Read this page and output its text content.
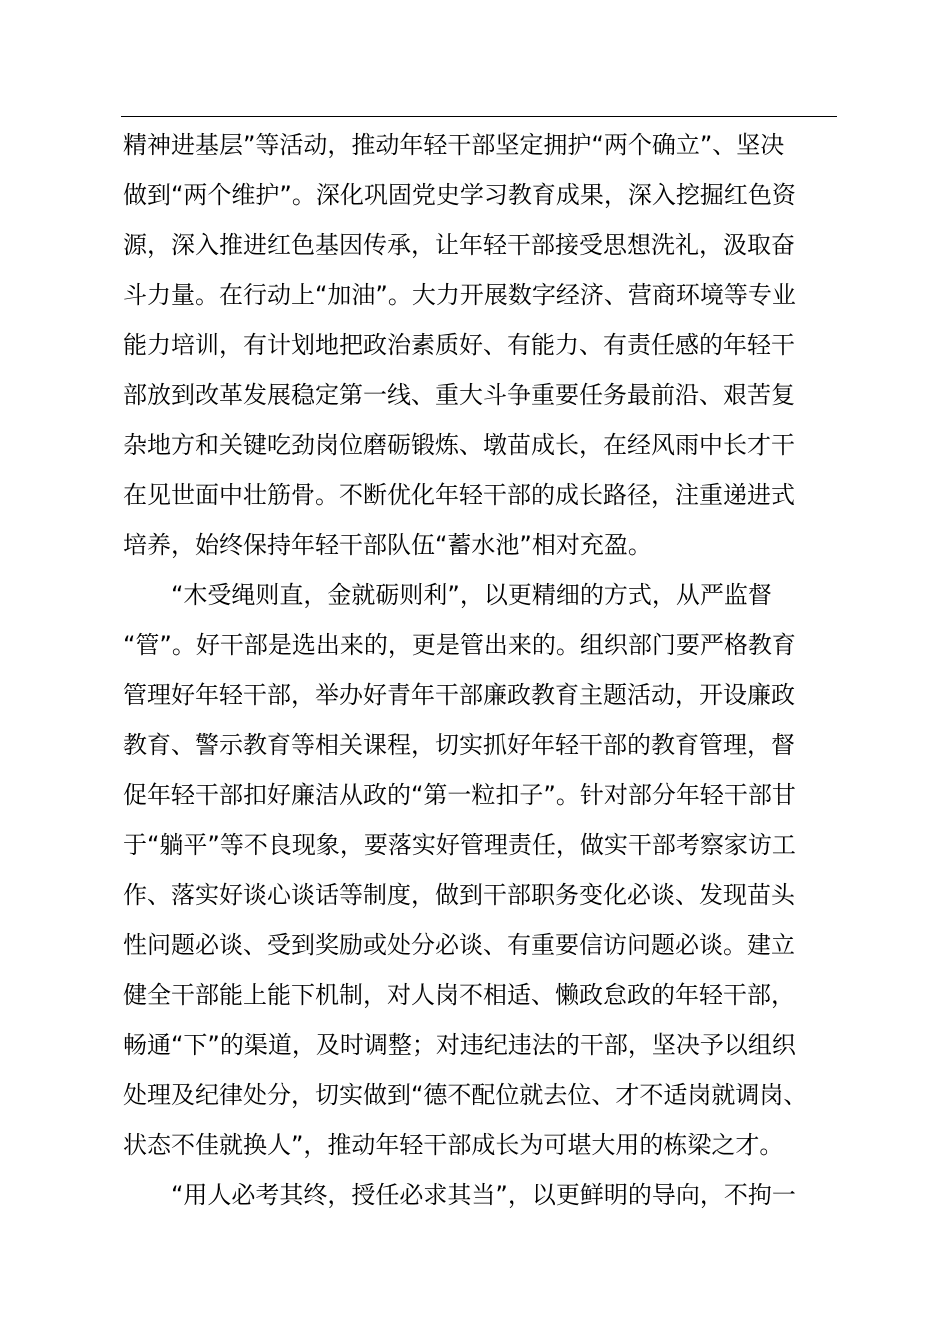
精神进基层”等活动，推动年轻干部坚定拥护“两个确立”、坚决
做到“两个维护”。深化巩固党史学习教育成果，深入挖掘红色资
源，深入推进红色基因传承，让年轻干部接受思想洗礼，汲取奋
斗力量。在行动上“加油”。大力开展数字经济、营商环境等专业
能力培训，有计划地把政治素质好、有能力、有责任感的年轻干
部放到改革发展稳定第一线、重大斗争重要任务最前沿、艰苦复
杂地方和关键吃劲岗位磨砺锻炼、墩苗成长，在经风雨中长才干
在见世面中壮筋骨。不断优化年轻干部的成长路径，注重递进式
培养，始终保持年轻干部队伍“蓄水池”相对充盈。
“木受绳则直，金就砺则利”，以更精细的方式，从严监督
“管”。好干部是选出来的，更是管出来的。组织部门要严格教育
管理好年轻干部，举办好青年干部廉政教育主题活动，开设廉政
教育、警示教育等相关课程，切实抓好年轻干部的教育管理，督
促年轻干部扣好廉洁从政的“第一粒扣子”。针对部分年轻干部甘
于“躺平”等不良现象，要落实好管理责任，做实干部考察家访工
作、落实好谈心谈话等制度，做到干部职务变化必谈、发现苗头
性问题必谈、受到奖励或处分必谈、有重要信访问题必谈。建立
健全干部能上能下机制，对人岗不相适、懒政怠政的年轻干部，
畅通“下”的渠道，及时调整；对违纪违法的干部，坚决予以组织
处理及纪律处分，切实做到“德不配位就去位、才不适岗就调岗、
状态不佳就换人”，推动年轻干部成长为可堪大用的栋梁之才。
“用人必考其终，授任必求其当”，以更鲜明的导向，不拘一
